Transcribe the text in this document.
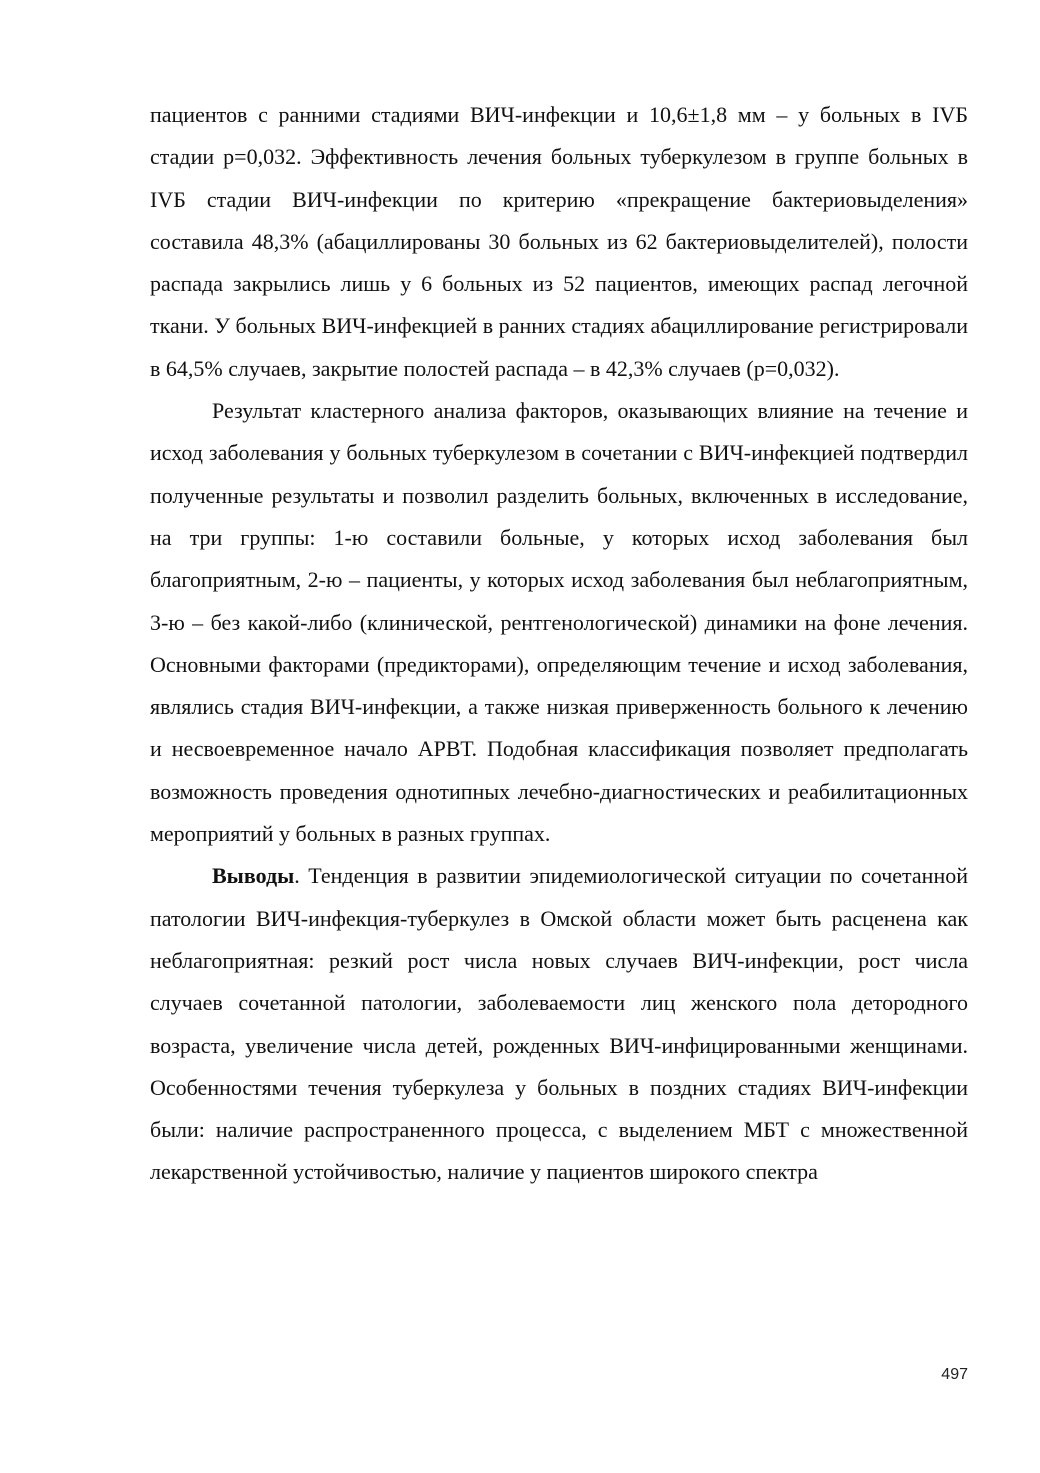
пациентов с ранними стадиями ВИЧ-инфекции и 10,6±1,8 мм – у больных в IVБ стадии р=0,032. Эффективность лечения больных туберкулезом в группе больных в IVБ стадии ВИЧ-инфекции по критерию «прекращение бактериовыделения» составила 48,3% (абациллированы 30 больных из 62 бактериовыделителей), полости распада закрылись лишь у 6 больных из 52 пациентов, имеющих распад легочной ткани. У больных ВИЧ-инфекцией в ранних стадиях абациллирование регистрировали в 64,5% случаев, закрытие полостей распада – в 42,3% случаев (р=0,032).

Результат кластерного анализа факторов, оказывающих влияние на течение и исход заболевания у больных туберкулезом в сочетании с ВИЧ-инфекцией подтвердил полученные результаты и позволил разделить больных, включенных в исследование, на три группы: 1-ю составили больные, у которых исход заболевания был благоприятным, 2-ю – пациенты, у которых исход заболевания был неблагоприятным, 3-ю – без какой-либо (клинической, рентгенологической) динамики на фоне лечения. Основными факторами (предикторами), определяющим течение и исход заболевания, являлись стадия ВИЧ-инфекции, а также низкая приверженность больного к лечению и несвоевременное начало АРВТ. Подобная классификация позволяет предполагать возможность проведения однотипных лечебно-диагностических и реабилитационных мероприятий у больных в разных группах.

Выводы. Тенденция в развитии эпидемиологической ситуации по сочетанной патологии ВИЧ-инфекция-туберкулез в Омской области может быть расценена как неблагоприятная: резкий рост числа новых случаев ВИЧ-инфекции, рост числа случаев сочетанной патологии, заболеваемости лиц женского пола детородного возраста, увеличение числа детей, рожденных ВИЧ-инфицированными женщинами. Особенностями течения туберкулеза у больных в поздних стадиях ВИЧ-инфекции были: наличие распространенного процесса, с выделением МБТ с множественной лекарственной устойчивостью, наличие у пациентов широкого спектра

497
